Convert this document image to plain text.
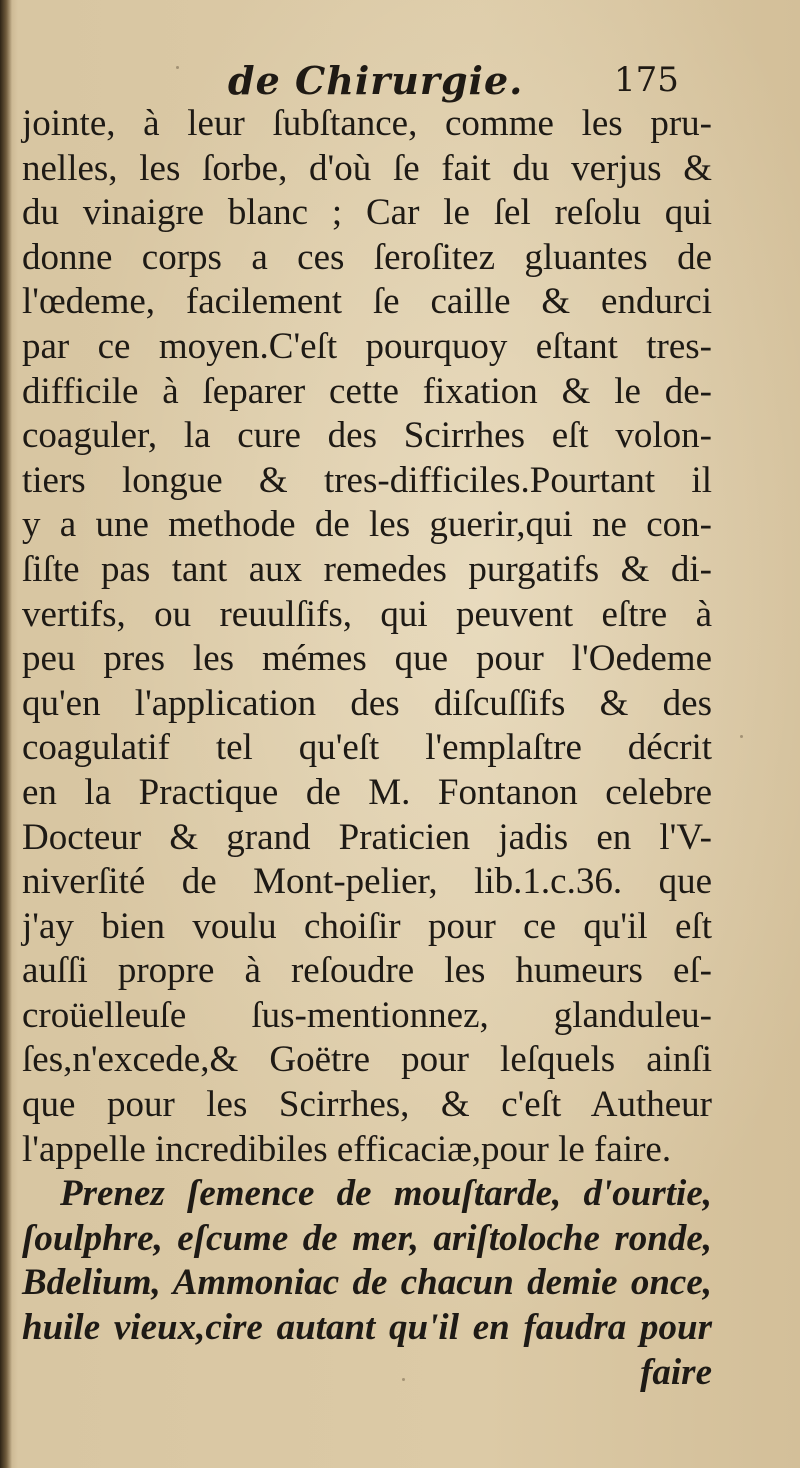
de Chirurgie.	175
jointe, à leur ſubſtance, comme les pru-
nelles, les ſorbe, d'où ſe fait du verjus &
du vinaigre blanc ; Car le ſel reſolu qui
donne corps a ces ſeroſitez gluantes de
l'œdeme, facilement ſe caille & endurci
par ce moyen.C'eſt pourquoy eſtant tres-
difficile à ſeparer cette fixation & le de-
coaguler, la cure des Scirrhes eſt volon-
tiers longue & tres-difficiles.Pourtant il
y a une methode de les guerir,qui ne con-
ſiſte pas tant aux remedes purgatifs & di-
vertifs, ou reuulſifs, qui peuvent eſtre à
peu pres les mémes que pour l'Oedeme
qu'en l'application des diſcuſſifs & des
coagulatif tel qu'eſt l'emplaſtre décrit
en la Practique de M. Fontanon celebre
Docteur & grand Praticien jadis en l'V-
niverſité de Mont-pelier, lib.1.c.36. que
j'ay bien voulu choiſir pour ce qu'il eſt
auſſi propre à reſoudre les humeurs eſ-
croüelleuſe ſus-mentionnez, glanduleu-
ſes,n'excede,& Goëtre pour leſquels ainſi
que pour les Scirrhes, & c'eſt Autheur
l'appelle incredibiles efficaciæ,pour le faire.
Prenez ſemence de mouſtarde, d'ourtie,
ſoulphre, eſcume de mer, ariſtoloche ronde,
Bdelium, Ammoniac de chacun demie once,
huile vieux,cire autant qu'il en faudra pour
faire
